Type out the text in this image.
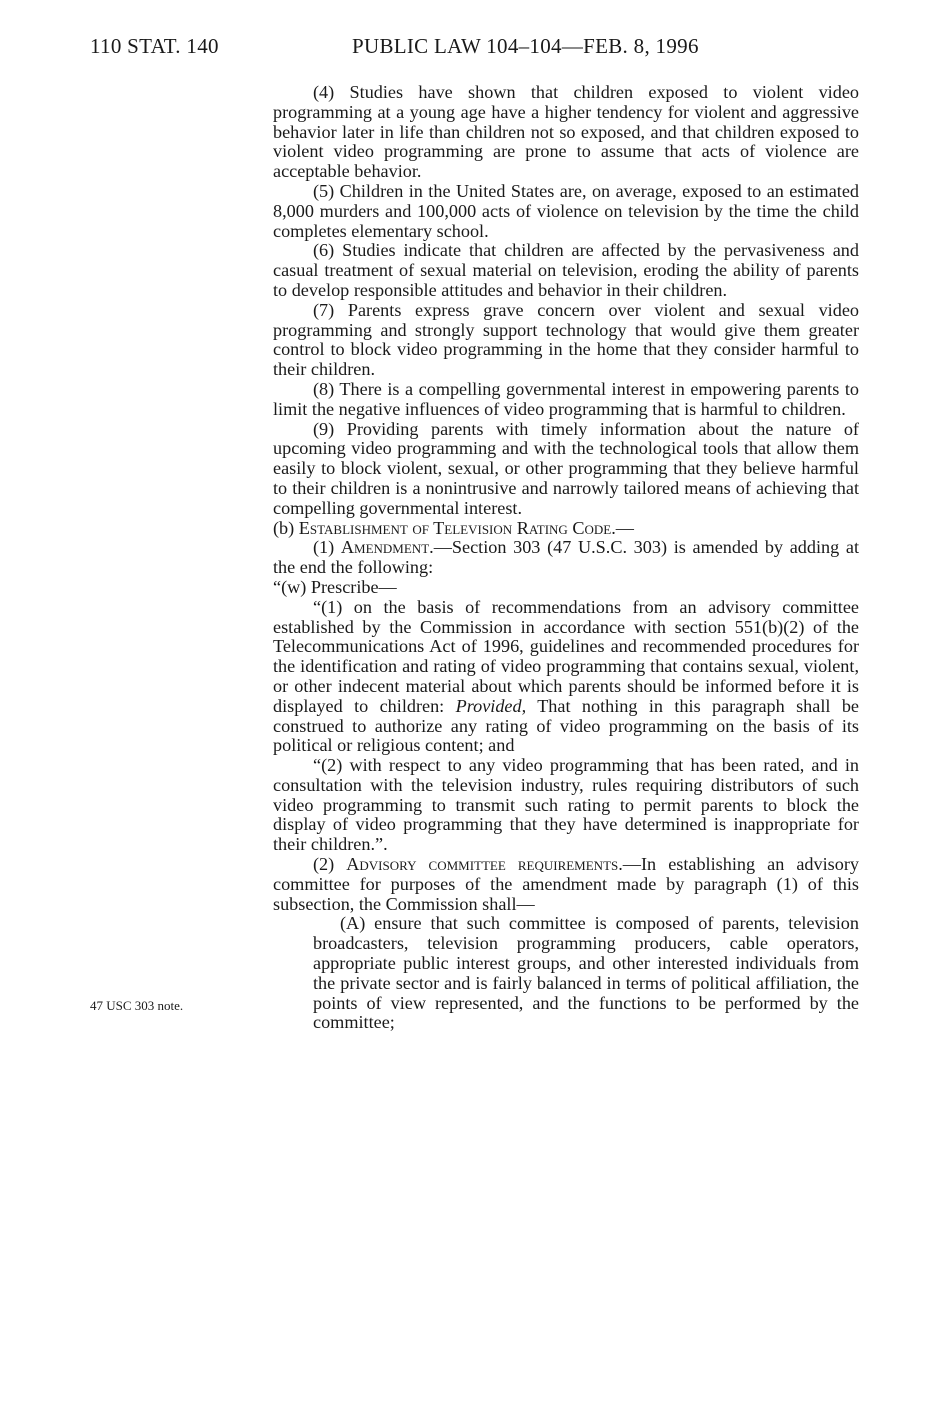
110 STAT. 140	PUBLIC LAW 104–104—FEB. 8, 1996

(4) Studies have shown that children exposed to violent video programming at a young age have a higher tendency for violent and aggressive behavior later in life than children not so exposed, and that children exposed to violent video programming are prone to assume that acts of violence are acceptable behavior.

(5) Children in the United States are, on average, exposed to an estimated 8,000 murders and 100,000 acts of violence on television by the time the child completes elementary school.

(6) Studies indicate that children are affected by the pervasiveness and casual treatment of sexual material on television, eroding the ability of parents to develop responsible attitudes and behavior in their children.

(7) Parents express grave concern over violent and sexual video programming and strongly support technology that would give them greater control to block video programming in the home that they consider harmful to their children.

(8) There is a compelling governmental interest in empowering parents to limit the negative influences of video programming that is harmful to children.

(9) Providing parents with timely information about the nature of upcoming video programming and with the technological tools that allow them easily to block violent, sexual, or other programming that they believe harmful to their children is a nonintrusive and narrowly tailored means of achieving that compelling governmental interest.

(b) Establishment of Television Rating Code.—

(1) Amendment.—Section 303 (47 U.S.C. 303) is amended by adding at the end the following:

“(w) Prescribe—

“(1) on the basis of recommendations from an advisory committee established by the Commission in accordance with section 551(b)(2) of the Telecommunications Act of 1996, guidelines and recommended procedures for the identification and rating of video programming that contains sexual, violent, or other indecent material about which parents should be informed before it is displayed to children: Provided, That nothing in this paragraph shall be construed to authorize any rating of video programming on the basis of its political or religious content; and

“(2) with respect to any video programming that has been rated, and in consultation with the television industry, rules requiring distributors of such video programming to transmit such rating to permit parents to block the display of video programming that they have determined is inappropriate for their children.”.

(2) Advisory committee requirements.—In establishing an advisory committee for purposes of the amendment made by paragraph (1) of this subsection, the Commission shall—

(A) ensure that such committee is composed of parents, television broadcasters, television programming producers, cable operators, appropriate public interest groups, and other interested individuals from the private sector and is fairly balanced in terms of political affiliation, the points of view represented, and the functions to be performed by the committee;

47 USC 303 note.
